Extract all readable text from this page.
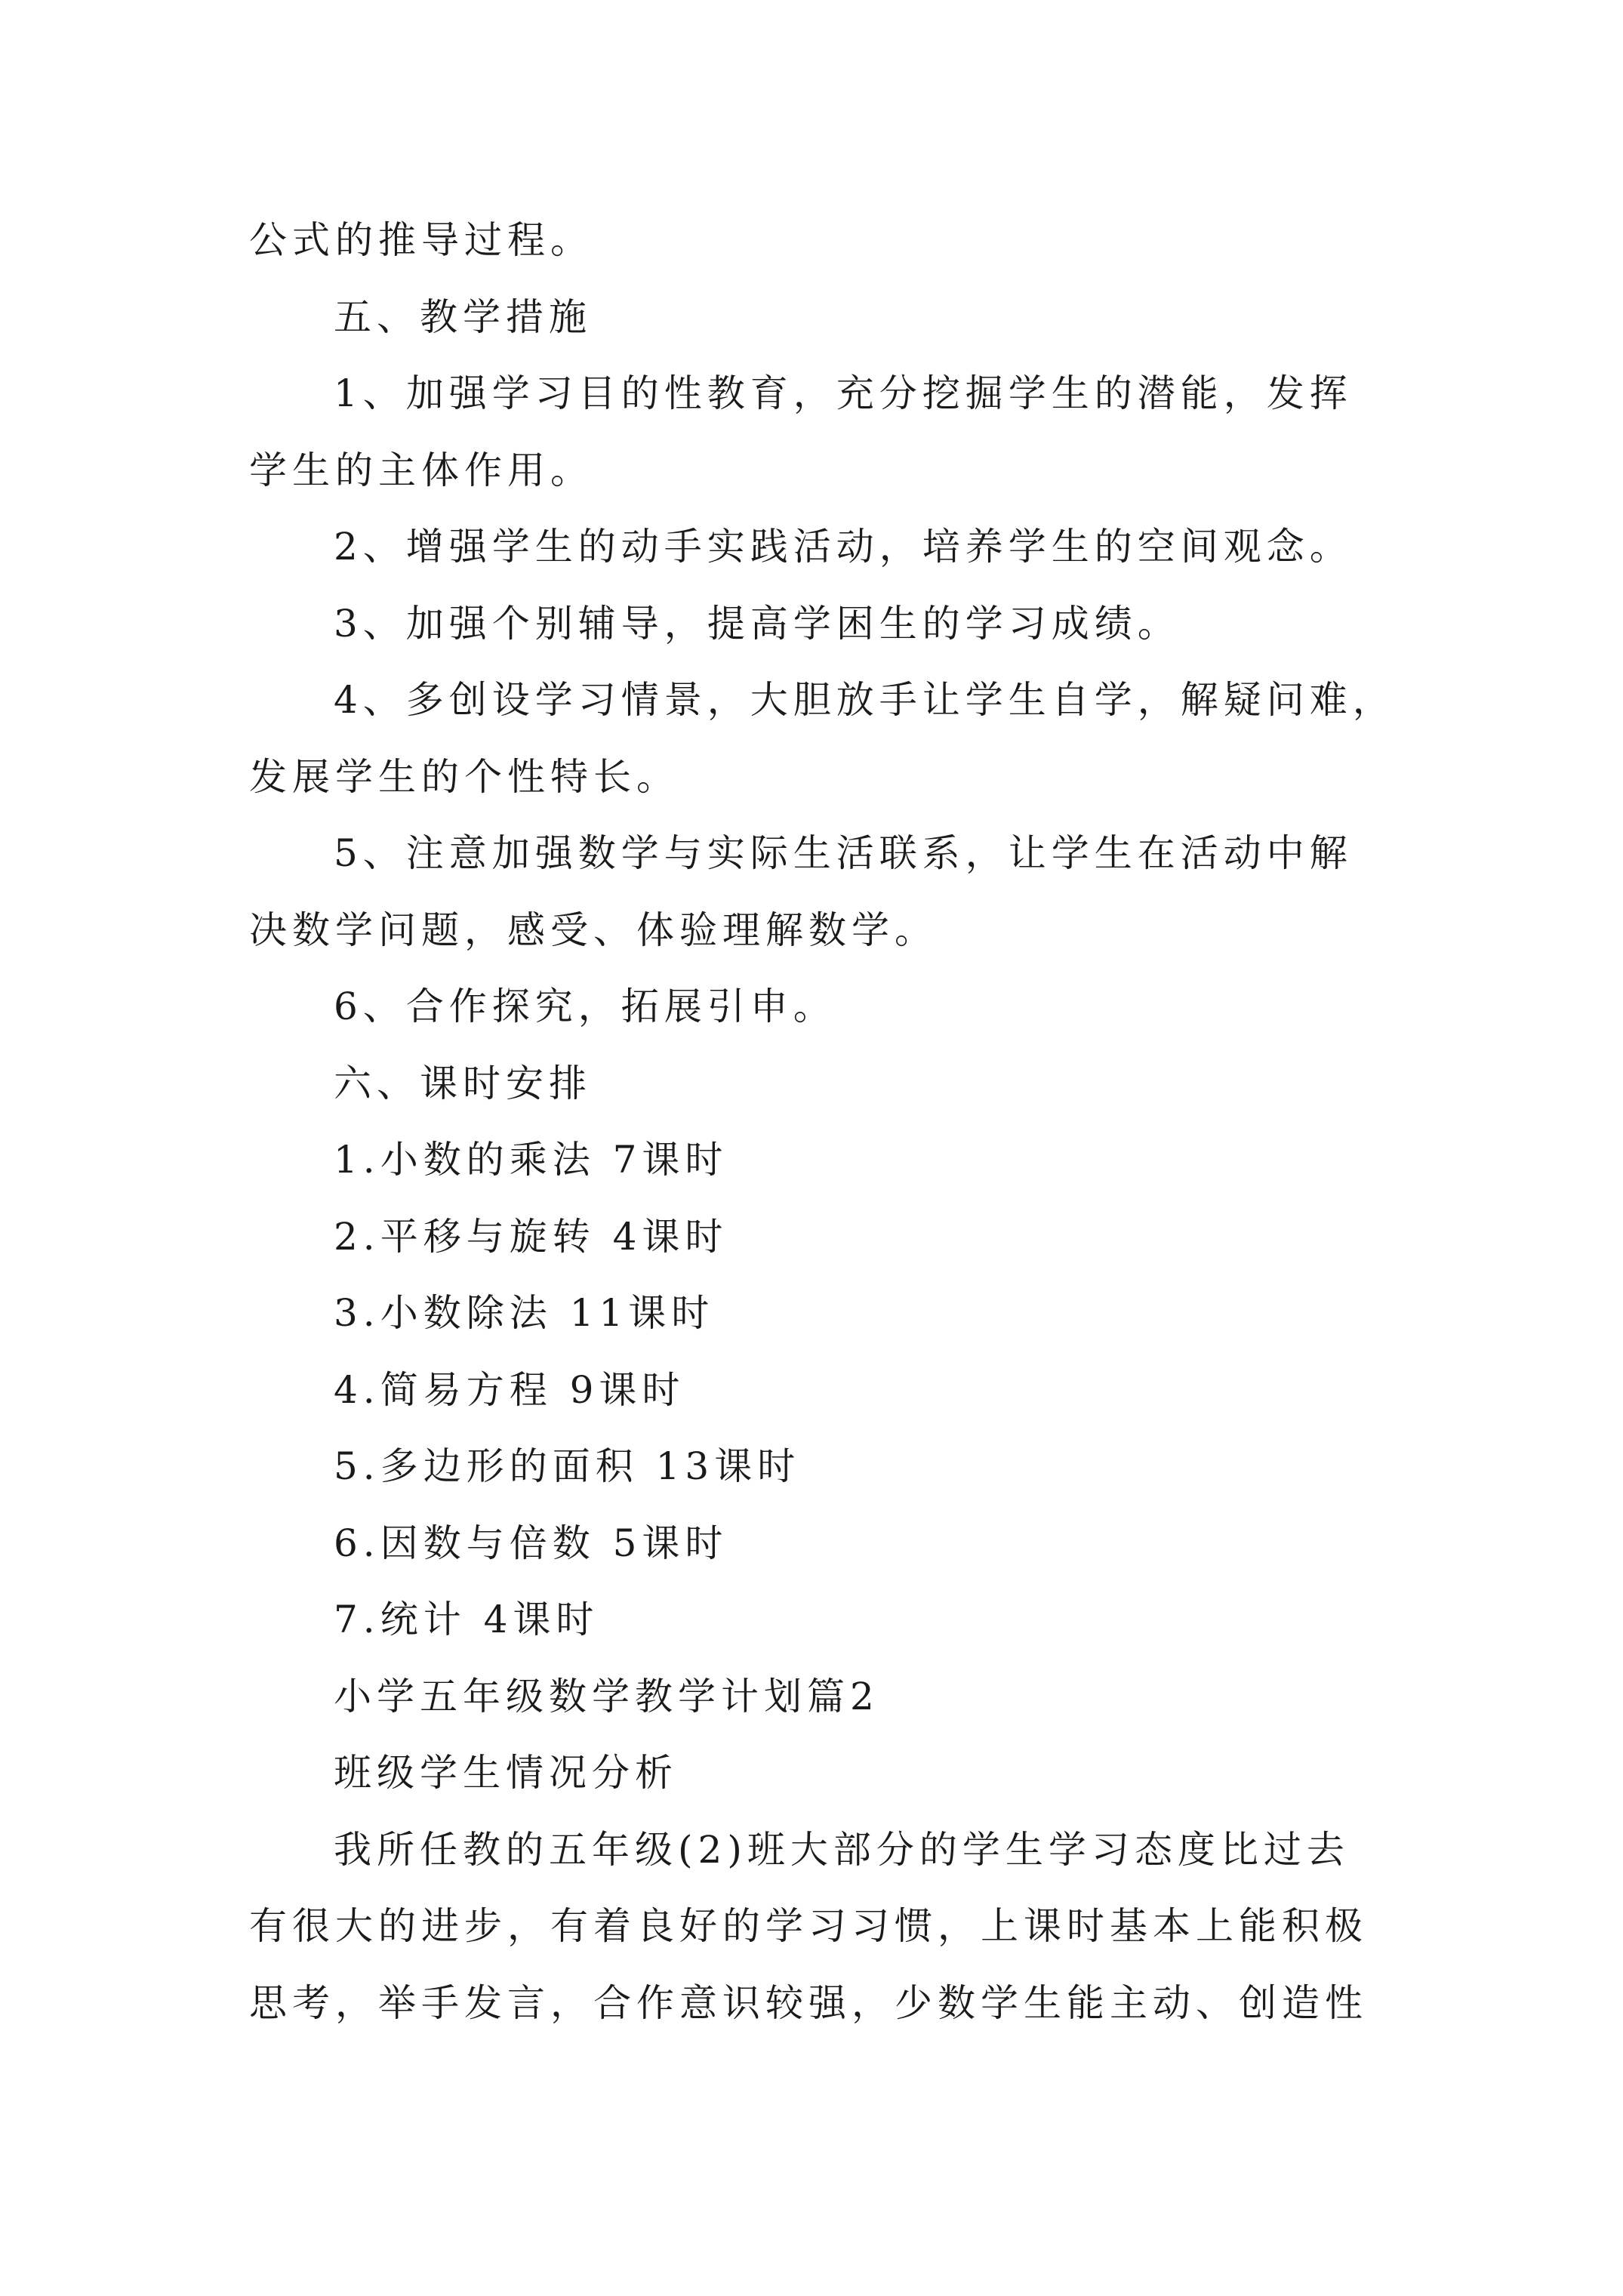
公式的推导过程。
五、教学措施
1、加强学习目的性教育，充分挖掘学生的潜能，发挥
学生的主体作用。
2、增强学生的动手实践活动，培养学生的空间观念。
3、加强个别辅导，提高学困生的学习成绩。
4、多创设学习情景，大胆放手让学生自学，解疑问难，
发展学生的个性特长。
5、注意加强数学与实际生活联系，让学生在活动中解
决数学问题，感受、体验理解数学。
6、合作探究，拓展引申。
六、课时安排
1.小数的乘法 7课时
2.平移与旋转 4课时
3.小数除法 11课时
4.简易方程 9课时
5.多边形的面积 13课时
6.因数与倍数 5课时
7.统计 4课时
小学五年级数学教学计划篇2
班级学生情况分析
我所任教的五年级(2)班大部分的学生学习态度比过去
有很大的进步，有着良好的学习习惯，上课时基本上能积极
思考，举手发言，合作意识较强，少数学生能主动、创造性
